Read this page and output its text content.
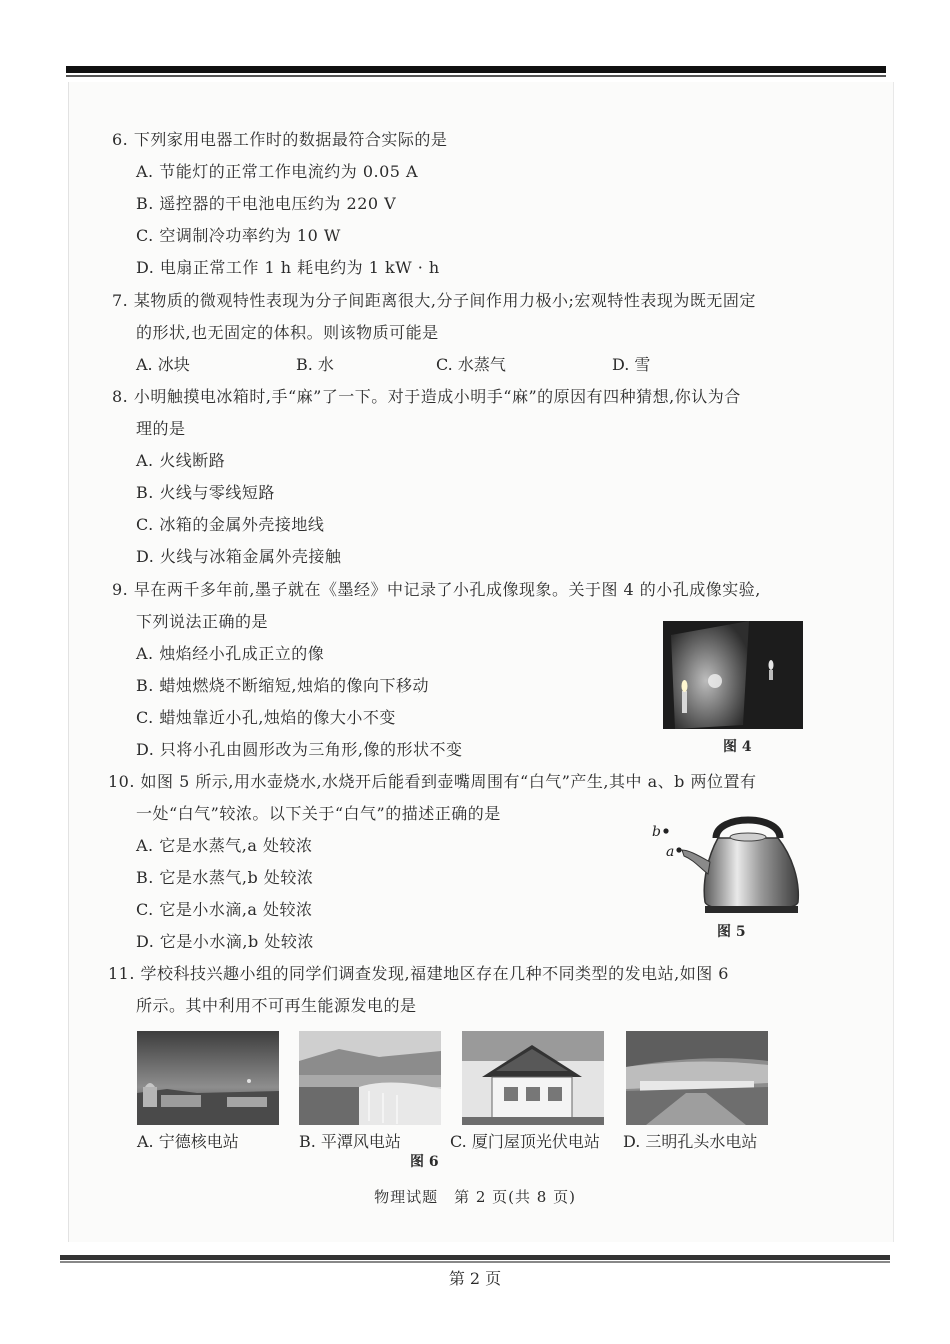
6. 下列家用电器工作时的数据最符合实际的是
A. 节能灯的正常工作电流约为 0.05 A
B. 遥控器的干电池电压约为 220 V
C. 空调制冷功率约为 10 W
D. 电扇正常工作 1 h 耗电约为 1 kW · h
7. 某物质的微观特性表现为分子间距离很大,分子间作用力极小;宏观特性表现为既无固定
的形状,也无固定的体积。则该物质可能是
A. 冰块	B. 水	C. 水蒸气	D. 雪
8. 小明触摸电冰箱时,手“麻”了一下。对于造成小明手“麻”的原因有四种猜想,你认为合
理的是
A. 火线断路
B. 火线与零线短路
C. 冰箱的金属外壳接地线
D. 火线与冰箱金属外壳接触
9. 早在两千多年前,墨子就在《墨经》中记录了小孔成像现象。关于图 4 的小孔成像实验,
下列说法正确的是
A. 烛焰经小孔成正立的像
B. 蜡烛燃烧不断缩短,烛焰的像向下移动
C. 蜡烛靠近小孔,烛焰的像大小不变
D. 只将小孔由圆形改为三角形,像的形状不变	图 4
10. 如图 5 所示,用水壶烧水,水烧开后能看到壶嘴周围有“白气”产生,其中 a、b 两位置有
一处“白气”较浓。以下关于“白气”的描述正确的是
A. 它是水蒸气,a 处较浓
B. 它是水蒸气,b 处较浓
C. 它是小水滴,a 处较浓
D. 它是小水滴,b 处较浓
b
a
图 5
11. 学校科技兴趣小组的同学们调查发现,福建地区存在几种不同类型的发电站,如图 6
所示。其中利用不可再生能源发电的是
A. 宁德核电站	B. 平潭风电站	C. 厦门屋顶光伏电站 D. 三明孔头水电站
图 6
物理试题　第 2 页(共 8 页)
第 2 页
